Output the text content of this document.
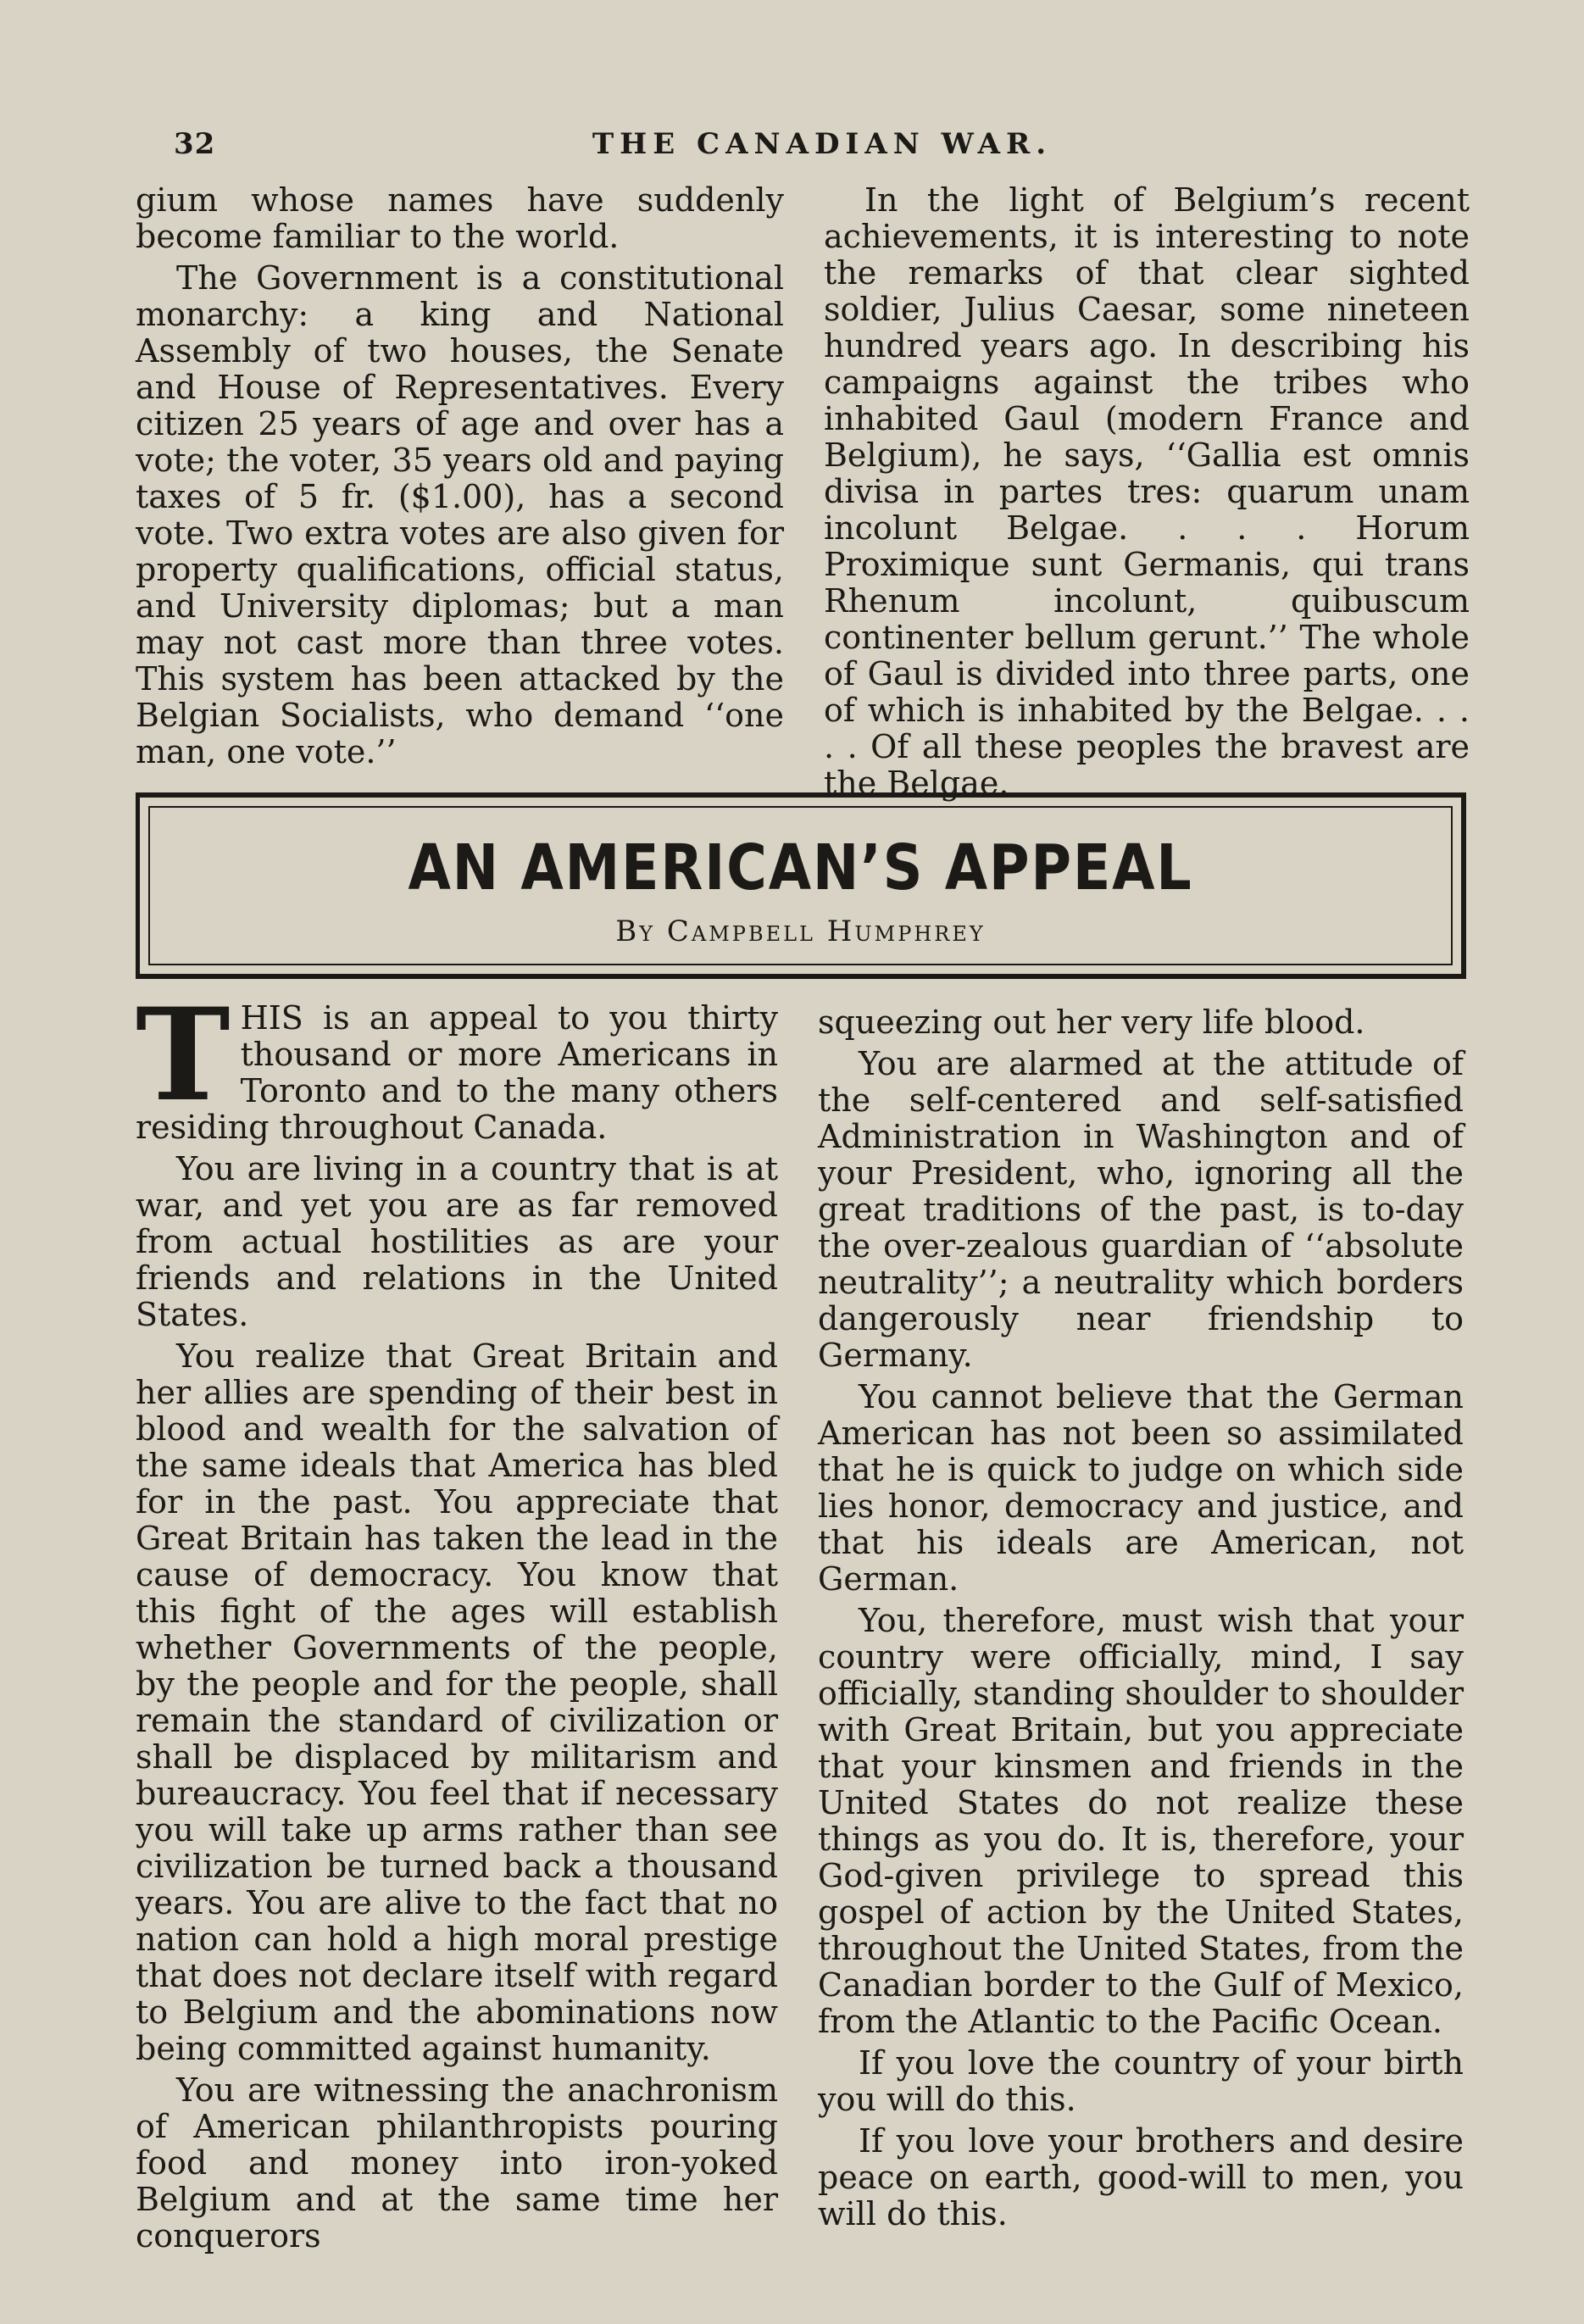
32	THE CANADIAN WAR.

gium whose names have suddenly become familiar to the world.

The Government is a constitutional monarchy: a king and National Assembly of two houses, the Senate and House of Representatives. Every citizen 25 years of age and over has a vote; the voter, 35 years old and paying taxes of 5 fr. ($1.00), has a second vote. Two extra votes are also given for property qualifications, official status, and University diplomas; but a man may not cast more than three votes. This system has been attacked by the Belgian Socialists, who demand ‘‘one man, one vote.’’

In the light of Belgium’s recent achievements, it is interesting to note the remarks of that clear sighted soldier, Julius Caesar, some nineteen hundred years ago. In describing his campaigns against the tribes who inhabited Gaul (modern France and Belgium), he says, ‘‘Gallia est omnis divisa in partes tres: quarum unam incolunt Belgae. . . . Horum Proximique sunt Germanis, qui trans Rhenum incolunt, quibuscum continenter bellum gerunt.’’ The whole of Gaul is divided into three parts, one of which is inhabited by the Belgae. . . . . Of all these peoples the bravest are the Belgae.

AN AMERICAN’S APPEAL
By Campbell Humphrey

THIS is an appeal to you thirty thousand or more Americans in Toronto and to the many others residing throughout Canada.

You are living in a country that is at war, and yet you are as far removed from actual hostilities as are your friends and relations in the United States.

You realize that Great Britain and her allies are spending of their best in blood and wealth for the salvation of the same ideals that America has bled for in the past. You appreciate that Great Britain has taken the lead in the cause of democracy. You know that this fight of the ages will establish whether Governments of the people, by the people and for the people, shall remain the standard of civilization or shall be displaced by militarism and bureaucracy. You feel that if necessary you will take up arms rather than see civilization be turned back a thousand years. You are alive to the fact that no nation can hold a high moral prestige that does not declare itself with regard to Belgium and the abominations now being committed against humanity.

You are witnessing the anachronism of American philanthropists pouring food and money into iron-yoked Belgium and at the same time her conquerors

squeezing out her very life blood.

You are alarmed at the attitude of the self-centered and self-satisfied Administration in Washington and of your President, who, ignoring all the great traditions of the past, is to-day the over-zealous guardian of ‘‘absolute neutrality’’; a neutrality which borders dangerously near friendship to Germany.

You cannot believe that the German American has not been so assimilated that he is quick to judge on which side lies honor, democracy and justice, and that his ideals are American, not German.

You, therefore, must wish that your country were officially, mind, I say officially, standing shoulder to shoulder with Great Britain, but you appreciate that your kinsmen and friends in the United States do not realize these things as you do. It is, therefore, your God-given privilege to spread this gospel of action by the United States, throughout the United States, from the Canadian border to the Gulf of Mexico, from the Atlantic to the Pacific Ocean.

If you love the country of your birth you will do this.

If you love your brothers and desire peace on earth, good-will to men, you will do this.
